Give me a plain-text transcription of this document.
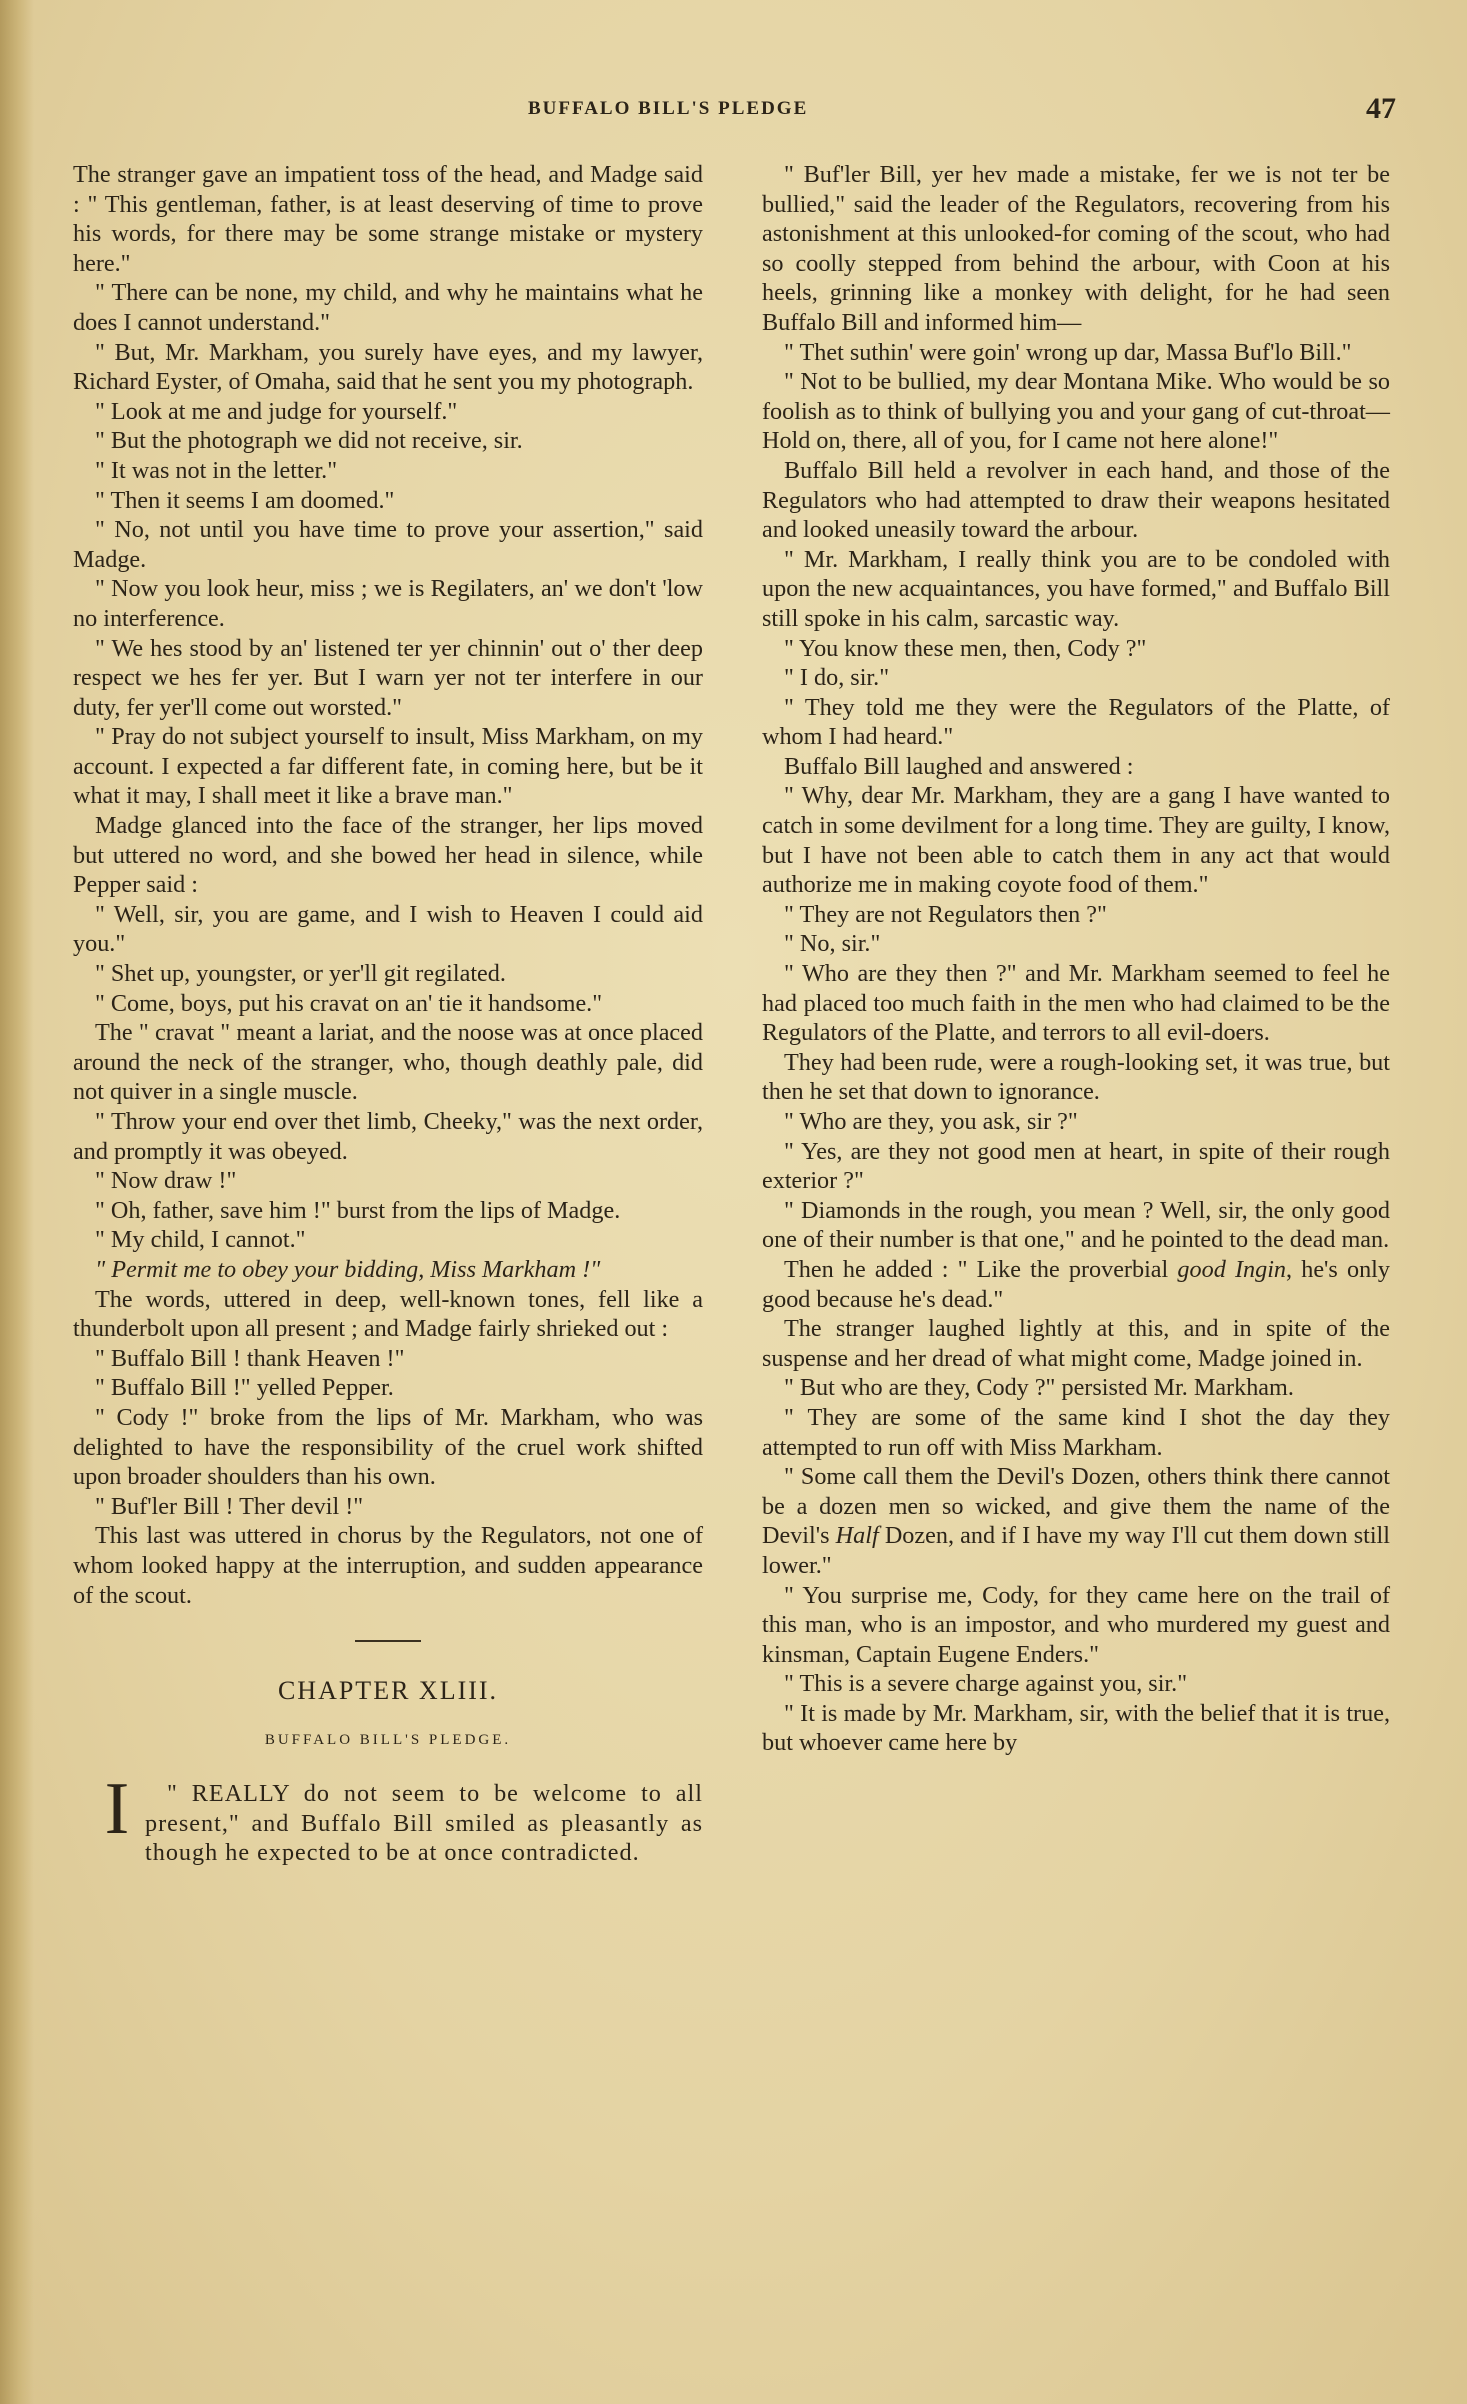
BUFFALO BILL'S PLEDGE	47

The stranger gave an impatient toss of the head, and Madge said : " This gentleman, father, is at least deserving of time to prove his words, for there may be some strange mistake or mystery here."

" There can be none, my child, and why he maintains what he does I cannot understand."

" But, Mr. Markham, you surely have eyes, and my lawyer, Richard Eyster, of Omaha, said that he sent you my photograph.

" Look at me and judge for yourself."

" But the photograph we did not receive, sir.

" It was not in the letter."

" Then it seems I am doomed."

" No, not until you have time to prove your assertion," said Madge.

" Now you look heur, miss ; we is Regilaters, an' we don't 'low no interference.

" We hes stood by an' listened ter yer chinnin' out o' ther deep respect we hes fer yer. But I warn yer not ter interfere in our duty, fer yer'll come out worsted."

" Pray do not subject yourself to insult, Miss Markham, on my account. I expected a far different fate, in coming here, but be it what it may, I shall meet it like a brave man."

Madge glanced into the face of the stranger, her lips moved but uttered no word, and she bowed her head in silence, while Pepper said :

" Well, sir, you are game, and I wish to Heaven I could aid you."

" Shet up, youngster, or yer'll git regilated.

" Come, boys, put his cravat on an' tie it handsome."

The " cravat " meant a lariat, and the noose was at once placed around the neck of the stranger, who, though deathly pale, did not quiver in a single muscle.

" Throw your end over thet limb, Cheeky," was the next order, and promptly it was obeyed.

" Now draw !"

" Oh, father, save him !" burst from the lips of Madge.

" My child, I cannot."

" Permit me to obey your bidding, Miss Markham !"

The words, uttered in deep, well-known tones, fell like a thunderbolt upon all present ; and Madge fairly shrieked out :

" Buffalo Bill ! thank Heaven !"

" Buffalo Bill !" yelled Pepper.

" Cody !" broke from the lips of Mr. Markham, who was delighted to have the responsibility of the cruel work shifted upon broader shoulders than his own.

" Buf'ler Bill ! Ther devil !"

This last was uttered in chorus by the Regulators, not one of whom looked happy at the interruption, and sudden appearance of the scout.

CHAPTER XLIII.
BUFFALO BILL'S PLEDGE.

I	" REALLY do not seem to be welcome to all present," and Buffalo Bill smiled as pleasantly as though he expected to be at once contradicted.

" Buf'ler Bill, yer hev made a mistake, fer we is not ter be bullied," said the leader of the Regulators, recovering from his astonishment at this unlooked-for coming of the scout, who had so coolly stepped from behind the arbour, with Coon at his heels, grinning like a monkey with delight, for he had seen Buffalo Bill and informed him—

" Thet suthin' were goin' wrong up dar, Massa Buf'lo Bill."

" Not to be bullied, my dear Montana Mike. Who would be so foolish as to think of bullying you and your gang of cut-throat— Hold on, there, all of you, for I came not here alone!"

Buffalo Bill held a revolver in each hand, and those of the Regulators who had attempted to draw their weapons hesitated and looked uneasily toward the arbour.

" Mr. Markham, I really think you are to be condoled with upon the new acquaintances, you have formed," and Buffalo Bill still spoke in his calm, sarcastic way.

" You know these men, then, Cody ?"

" I do, sir."

" They told me they were the Regulators of the Platte, of whom I had heard."

Buffalo Bill laughed and answered :

" Why, dear Mr. Markham, they are a gang I have wanted to catch in some devilment for a long time. They are guilty, I know, but I have not been able to catch them in any act that would authorize me in making coyote food of them."

" They are not Regulators then ?"

" No, sir."

" Who are they then ?" and Mr. Markham seemed to feel he had placed too much faith in the men who had claimed to be the Regulators of the Platte, and terrors to all evil-doers.

They had been rude, were a rough-looking set, it was true, but then he set that down to ignorance.

" Who are they, you ask, sir ?"

" Yes, are they not good men at heart, in spite of their rough exterior ?"

" Diamonds in the rough, you mean ? Well, sir, the only good one of their number is that one," and he pointed to the dead man.

Then he added : " Like the proverbial good Ingin, he's only good because he's dead."

The stranger laughed lightly at this, and in spite of the suspense and her dread of what might come, Madge joined in.

" But who are they, Cody ?" persisted Mr. Markham.

" They are some of the same kind I shot the day they attempted to run off with Miss Markham.

" Some call them the Devil's Dozen, others think there cannot be a dozen men so wicked, and give them the name of the Devil's Half Dozen, and if I have my way I'll cut them down still lower."

" You surprise me, Cody, for they came here on the trail of this man, who is an impostor, and who murdered my guest and kinsman, Captain Eugene Enders."

" This is a severe charge against you, sir."

" It is made by Mr. Markham, sir, with the belief that it is true, but whoever came here by
